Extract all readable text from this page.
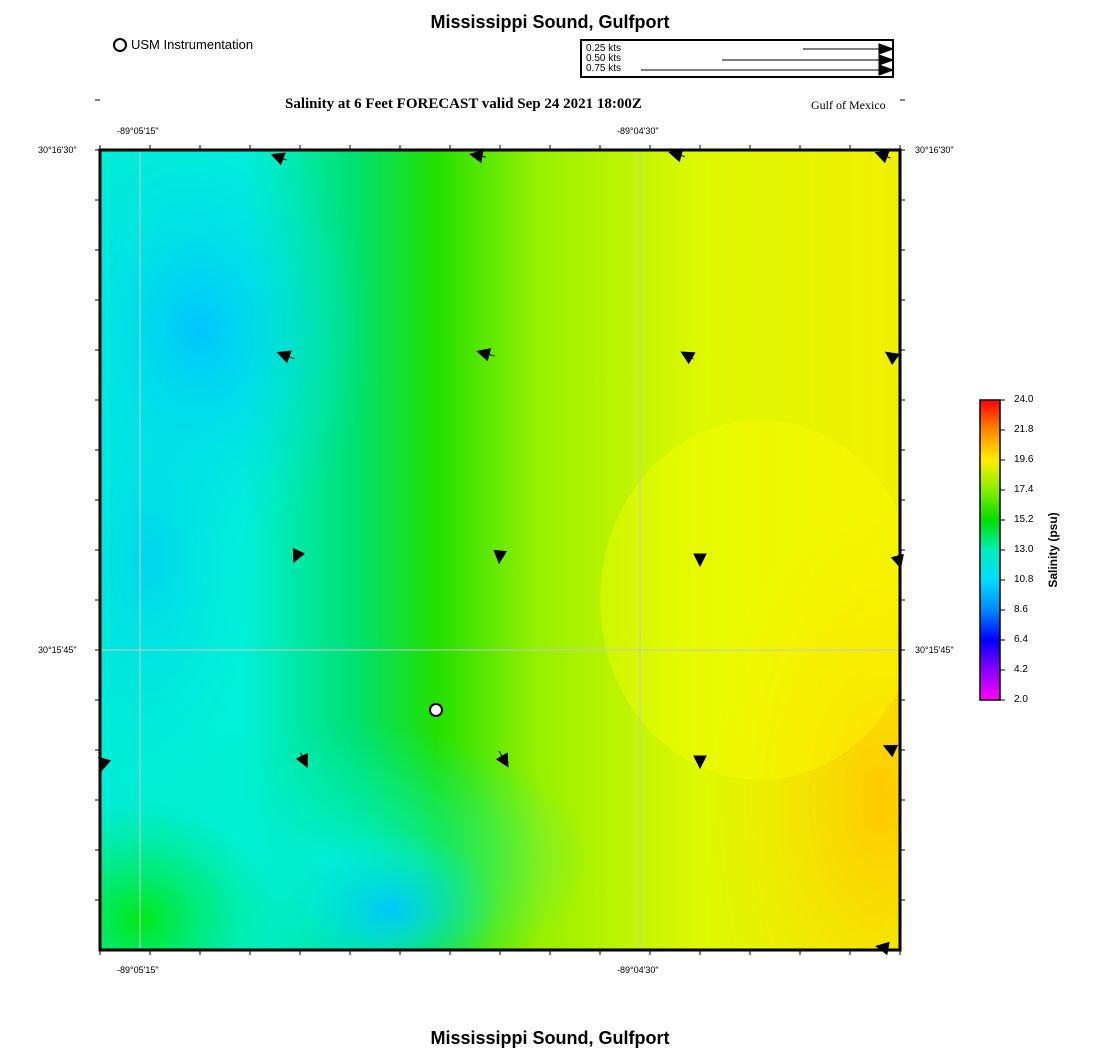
Mississippi Sound, Gulfport
USM Instrumentation	0.25 kts
0.50 kts
0.75 kts
Salinity at 6 Feet FORECAST valid Sep 24 2021 18:00Z	Gulf of Mexico
-89°05'15"	-89°04'30"
-89°05'15"	-89°04'30"
30°16'30"
30°15'45"
30°16'30"
30°15'45"
24.0
21.8
19.6
17.4
15.2
13.0
10.8
8.6
6.4
4.2
2.0
Salinity (psu)
Mississippi Sound, Gulfport
